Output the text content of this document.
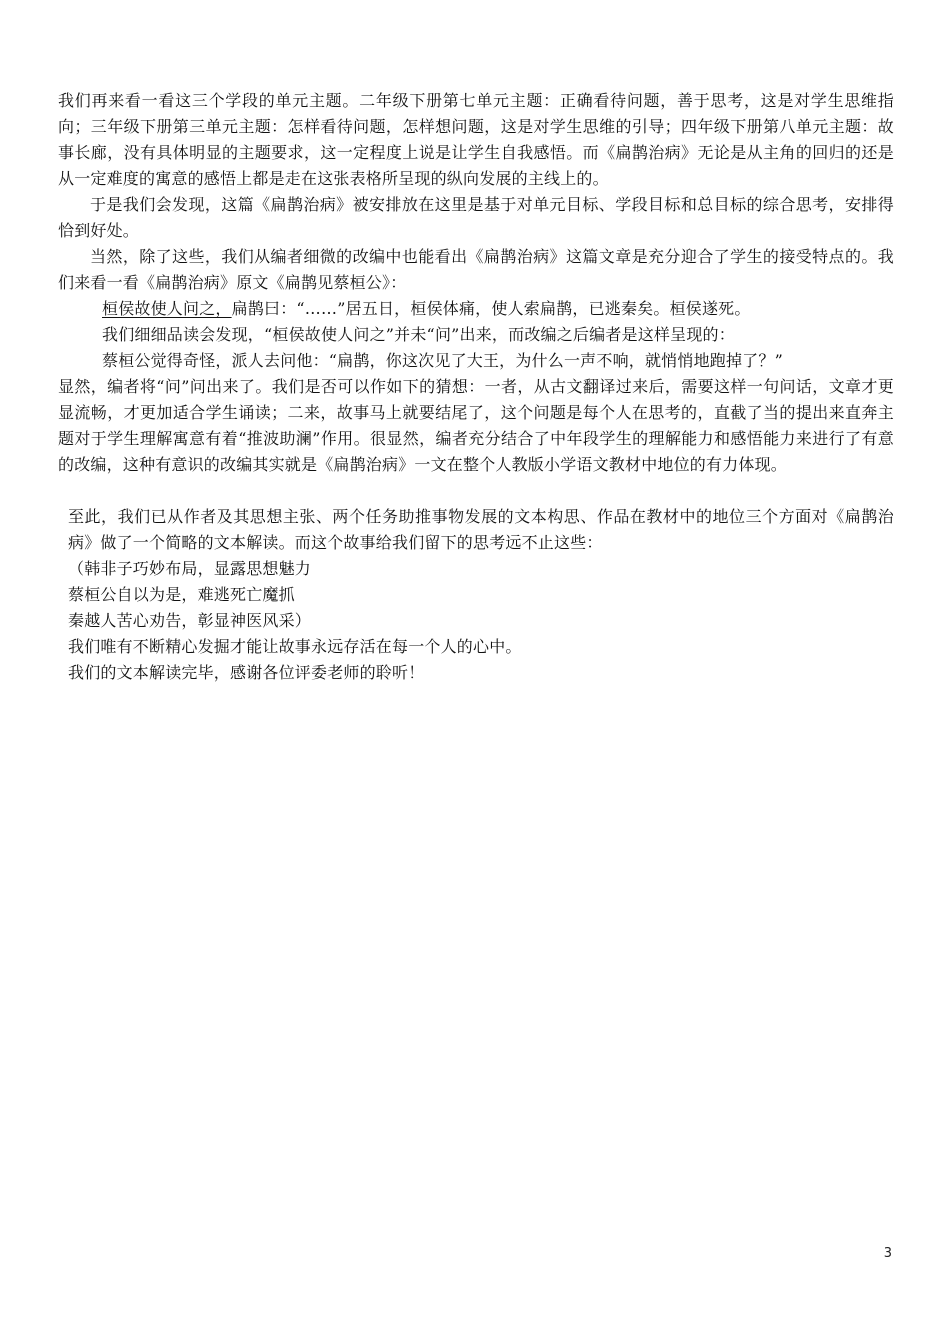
我们再来看一看这三个学段的单元主题。二年级下册第七单元主题：正确看待问题，善于思考，这是对学生思维指向；三年级下册第三单元主题：怎样看待问题，怎样想问题，这是对学生思维的引导；四年级下册第八单元主题：故事长廊，没有具体明显的主题要求，这一定程度上说是让学生自我感悟。而《扁鹊治病》无论是从主角的回归的还是从一定难度的寓意的感悟上都是走在这张表格所呈现的纵向发展的主线上的。

于是我们会发现，这篇《扁鹊治病》被安排放在这里是基于对单元目标、学段目标和总目标的综合思考，安排得恰到好处。

当然，除了这些，我们从编者细微的改编中也能看出《扁鹊治病》这篇文章是充分迎合了学生的接受特点的。我们来看一看《扁鹊治病》原文《扁鹊见蔡桓公》：

桓侯故使人问之，扁鹊曰：“……”居五日，桓侯体痛，使人索扁鹊，已逃秦矣。桓侯遂死。

我们细细品读会发现，“桓侯故使人问之”并未“问”出来，而改编之后编者是这样呈现的：

蔡桓公觉得奇怪，派人去问他：“扁鹊，你这次见了大王，为什么一声不响，就悄悄地跑掉了？”

显然，编者将“问”问出来了。我们是否可以作如下的猜想：一者，从古文翻译过来后，需要这样一句问话，文章才更显流畅，才更加适合学生诵读；二来，故事马上就要结尾了，这个问题是每个人在思考的，直截了当的提出来直奔主题对于学生理解寓意有着“推波助澜”作用。很显然，编者充分结合了中年段学生的理解能力和感悟能力来进行了有意的改编，这种有意识的改编其实就是《扁鹊治病》一文在整个人教版小学语文教材中地位的有力体现。

至此，我们已从作者及其思想主张、两个任务助推事物发展的文本构思、作品在教材中的地位三个方面对《扁鹊治病》做了一个简略的文本解读。而这个故事给我们留下的思考远不止这些：

（韩非子巧妙布局，显露思想魅力

蔡桓公自以为是，难逃死亡魔抓

秦越人苦心劝告，彰显神医风采）

我们唯有不断精心发掘才能让故事永远存活在每一个人的心中。

我们的文本解读完毕，感谢各位评委老师的聆听！

3
